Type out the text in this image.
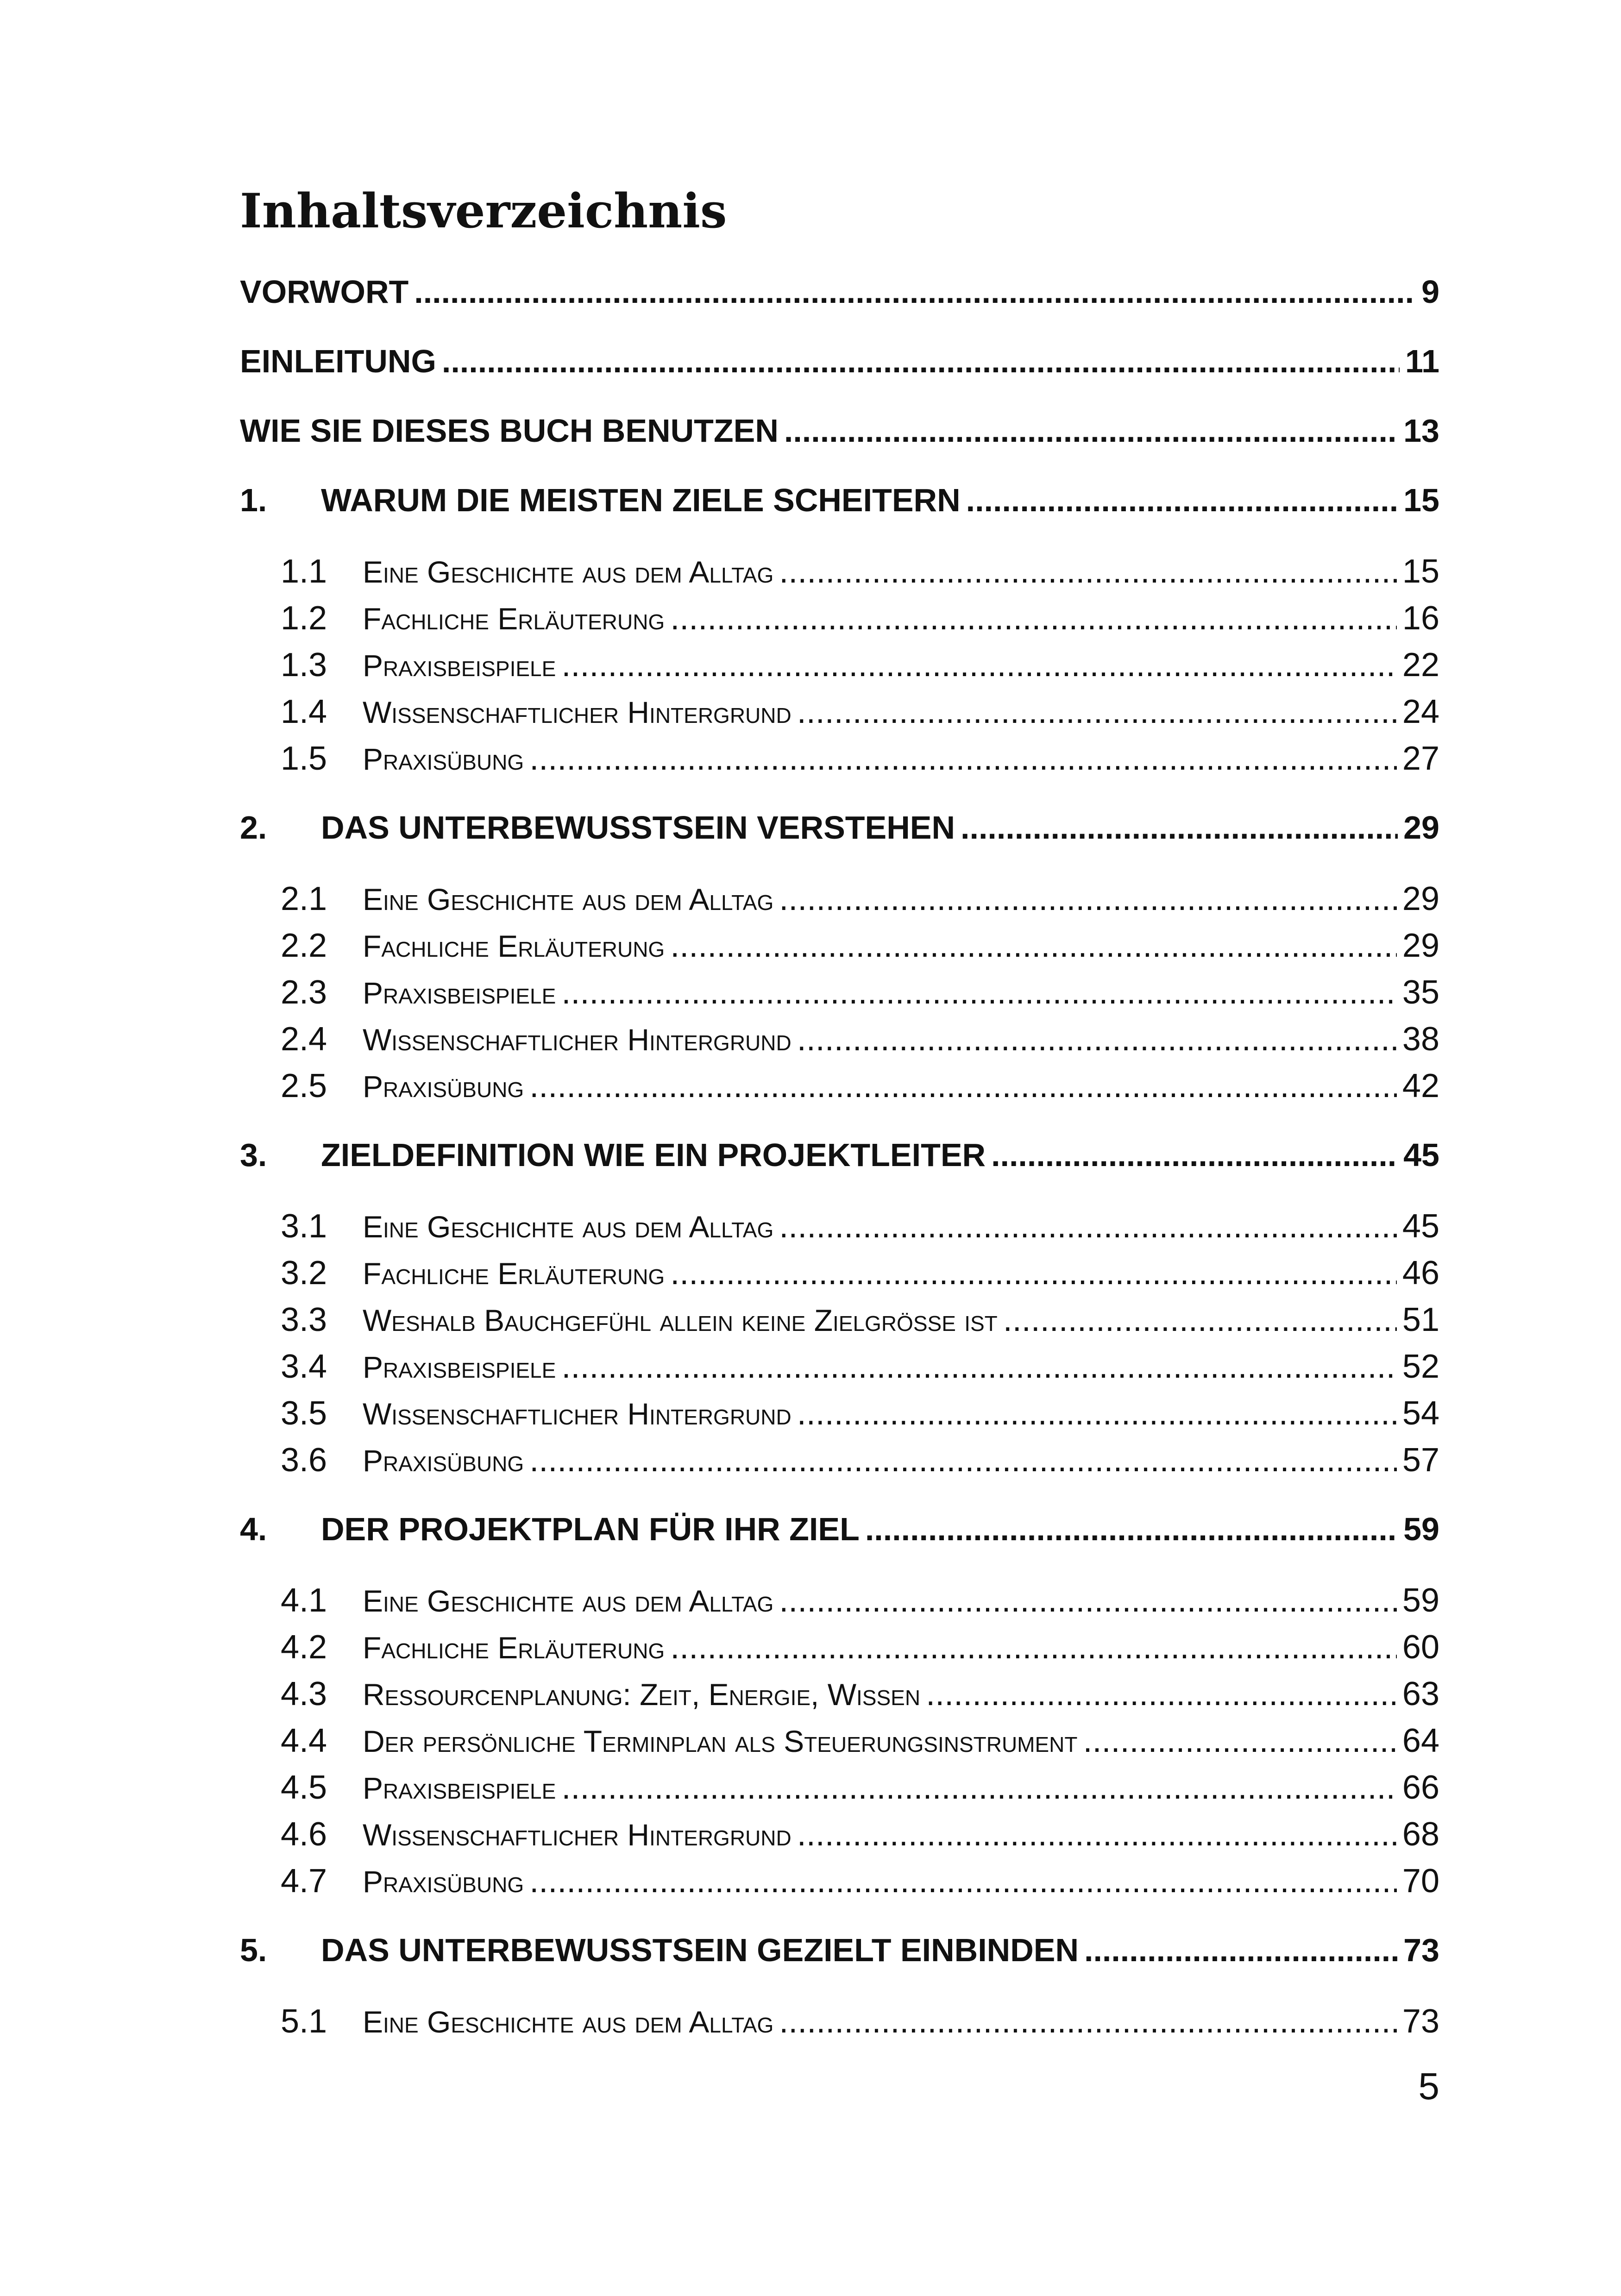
Inhaltsverzeichnis
VORWORT .....	9
EINLEITUNG .....	11
WIE SIE DIESES BUCH BENUTZEN .....	13
1.	WARUM DIE MEISTEN ZIELE SCHEITERN .....	15
1.1	Eine Geschichte aus dem Alltag .....	15
1.2	Fachliche Erläuterung .....	16
1.3	Praxisbeispiele .....	22
1.4	Wissenschaftlicher Hintergrund .....	24
1.5	Praxisübung .....	27
2.	DAS UNTERBEWUSSTSEIN VERSTEHEN .....	29
2.1	Eine Geschichte aus dem Alltag .....	29
2.2	Fachliche Erläuterung .....	29
2.3	Praxisbeispiele .....	35
2.4	Wissenschaftlicher Hintergrund .....	38
2.5	Praxisübung .....	42
3.	ZIELDEFINITION WIE EIN PROJEKTLEITER .....	45
3.1	Eine Geschichte aus dem Alltag .....	45
3.2	Fachliche Erläuterung .....	46
3.3	Weshalb Bauchgefühl allein keine Zielgröße ist .....	51
3.4	Praxisbeispiele .....	52
3.5	Wissenschaftlicher Hintergrund .....	54
3.6	Praxisübung .....	57
4.	DER PROJEKTPLAN FÜR IHR ZIEL .....	59
4.1	Eine Geschichte aus dem Alltag .....	59
4.2	Fachliche Erläuterung .....	60
4.3	Ressourcenplanung: Zeit, Energie, Wissen .....	63
4.4	Der persönliche Terminplan als Steuerungsinstrument .....	64
4.5	Praxisbeispiele .....	66
4.6	Wissenschaftlicher Hintergrund .....	68
4.7	Praxisübung .....	70
5.	DAS UNTERBEWUSSTSEIN GEZIELT EINBINDEN .....	73
5.1	Eine Geschichte aus dem Alltag .....	73
5
